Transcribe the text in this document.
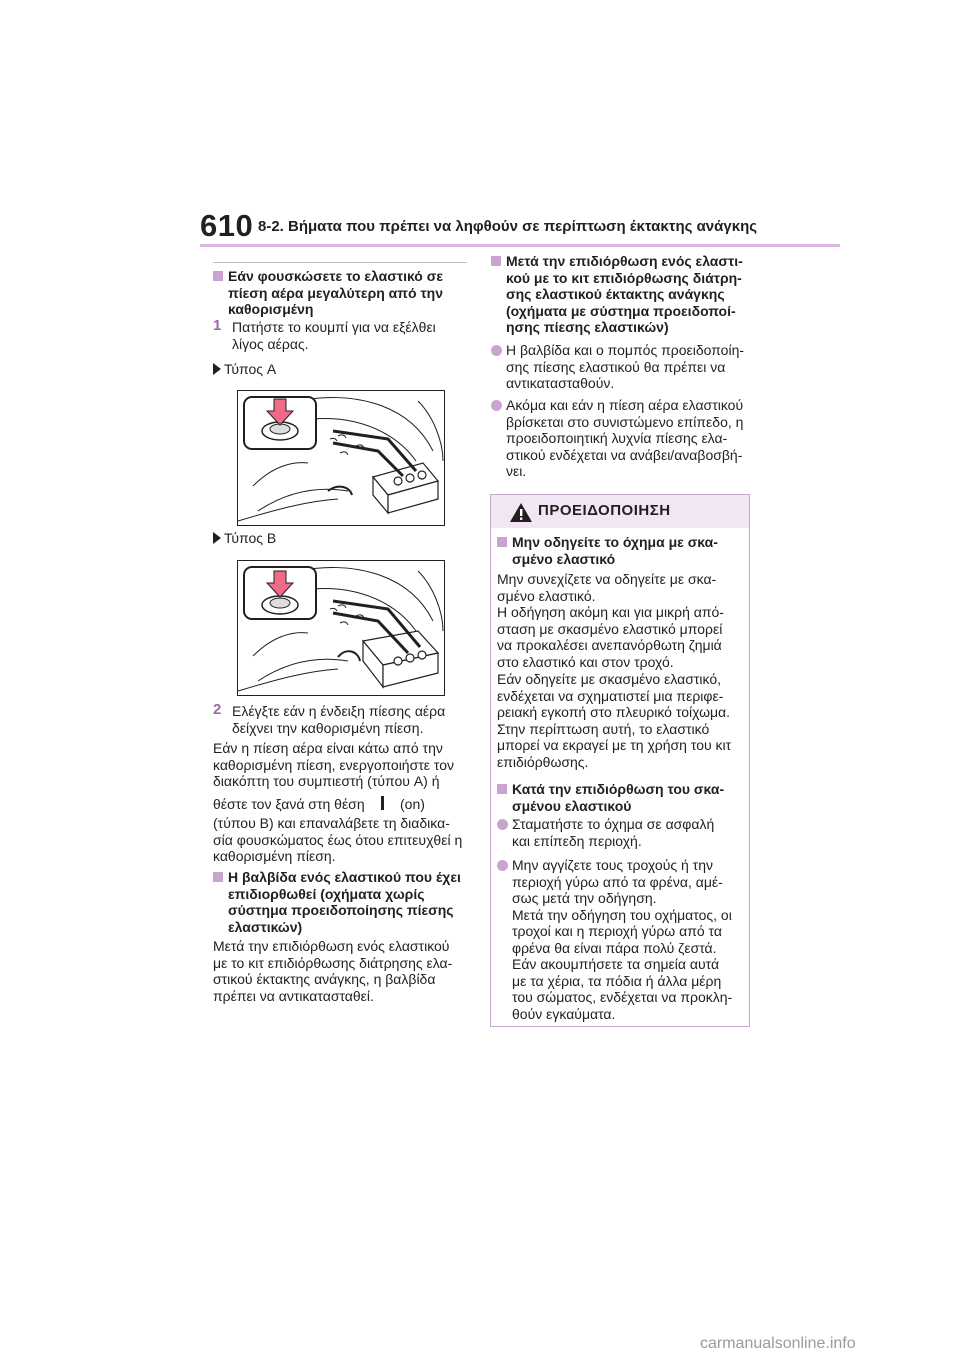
610 8-2. Βήματα που πρέπει να ληφθούν σε περίπτωση έκτακτης ανάγκης
Εάν φουσκώσετε το ελαστικό σε
πίεση αέρα μεγαλύτερη από την
καθορισμένη
1 Πατήστε το κουμπί για να εξέλθει
λίγος αέρας.
Τύπος A
Τύπος B
2 Ελέγξτε εάν η ένδειξη πίεσης αέρα
δείχνει την καθορισμένη πίεση.
Εάν η πίεση αέρα είναι κάτω από την
καθορισμένη πίεση, ενεργοποιήστε τον
διακόπτη του συμπιεστή (τύπου A) ή
θέστε τον ξανά στη θέση	(on)
(τύπου B) και επαναλάβετε τη διαδικα-
σία φουσκώματος έως ότου επιτευχθεί η
καθορισμένη πίεση.
Η βαλβίδα ενός ελαστικού που έχει
επιδιορθωθεί (οχήματα χωρίς
σύστημα προειδοποίησης πίεσης
ελαστικών)
Μετά την επιδιόρθωση ενός ελαστικού
με το κιτ επιδιόρθωσης διάτρησης ελα-
στικού έκτακτης ανάγκης, η βαλβίδα
πρέπει να αντικατασταθεί.
Μετά την επιδιόρθωση ενός ελαστι-
κού με το κιτ επιδιόρθωσης διάτρη-
σης ελαστικού έκτακτης ανάγκης
(οχήματα με σύστημα προειδοποί-
ησης πίεσης ελαστικών)
Η βαλβίδα και ο πομπός προειδοποίη-
σης πίεσης ελαστικού θα πρέπει να
αντικατασταθούν.
Ακόμα και εάν η πίεση αέρα ελαστικού
βρίσκεται στο συνιστώμενο επίπεδο, η
προειδοποιητική λυχνία πίεσης ελα-
στικού ενδέχεται να ανάβει/αναβοσβή-
νει.
ΠΡΟΕΙΔΟΠΟΙΗΣΗ
Μην οδηγείτε το όχημα με σκα-
σμένο ελαστικό
Μην συνεχίζετε να οδηγείτε με σκα-
σμένο ελαστικό.
Η οδήγηση ακόμη και για μικρή από-
σταση με σκασμένο ελαστικό μπορεί
να προκαλέσει ανεπανόρθωτη ζημιά
στο ελαστικό και στον τροχό.
Εάν οδηγείτε με σκασμένο ελαστικό,
ενδέχεται να σχηματιστεί μια περιφε-
ρειακή εγκοπή στο πλευρικό τοίχωμα.
Στην περίπτωση αυτή, το ελαστικό
μπορεί να εκραγεί με τη χρήση του κιτ
επιδιόρθωσης.
Κατά την επιδιόρθωση του σκα-
σμένου ελαστικού
Σταματήστε το όχημα σε ασφαλή
και επίπεδη περιοχή.
Μην αγγίζετε τους τροχούς ή την
περιοχή γύρω από τα φρένα, αμέ-
σως μετά την οδήγηση.
Μετά την οδήγηση του οχήματος, οι
τροχοί και η περιοχή γύρω από τα
φρένα θα είναι πάρα πολύ ζεστά.
Εάν ακουμπήσετε τα σημεία αυτά
με τα χέρια, τα πόδια ή άλλα μέρη
του σώματος, ενδέχεται να προκλη-
θούν εγκαύματα.
carmanualsonline.info
